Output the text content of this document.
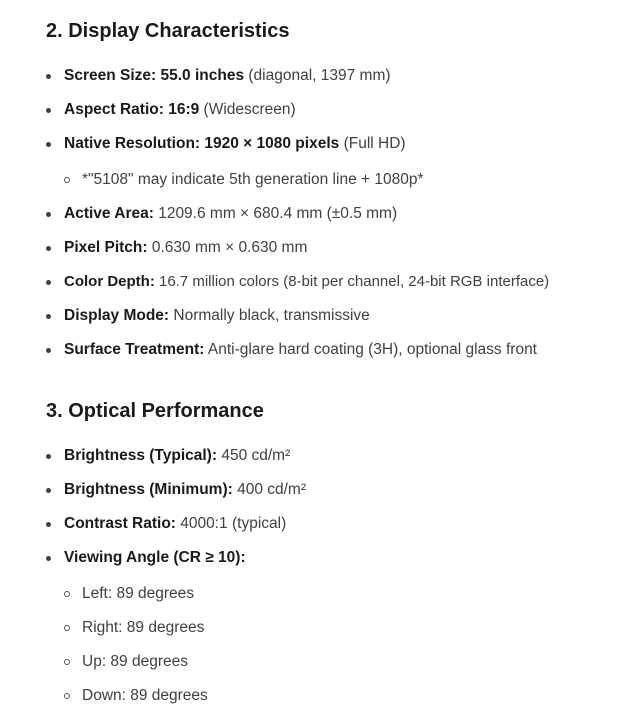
2. Display Characteristics
Screen Size: 55.0 inches (diagonal, 1397 mm)
Aspect Ratio: 16:9 (Widescreen)
Native Resolution: 1920 × 1080 pixels (Full HD)
*"5108" may indicate 5th generation line + 1080p*
Active Area: 1209.6 mm × 680.4 mm (±0.5 mm)
Pixel Pitch: 0.630 mm × 0.630 mm
Color Depth: 16.7 million colors (8-bit per channel, 24-bit RGB interface)
Display Mode: Normally black, transmissive
Surface Treatment: Anti-glare hard coating (3H), optional glass front
3. Optical Performance
Brightness (Typical): 450 cd/m²
Brightness (Minimum): 400 cd/m²
Contrast Ratio: 4000:1 (typical)
Viewing Angle (CR ≥ 10):
Left: 89 degrees
Right: 89 degrees
Up: 89 degrees
Down: 89 degrees
